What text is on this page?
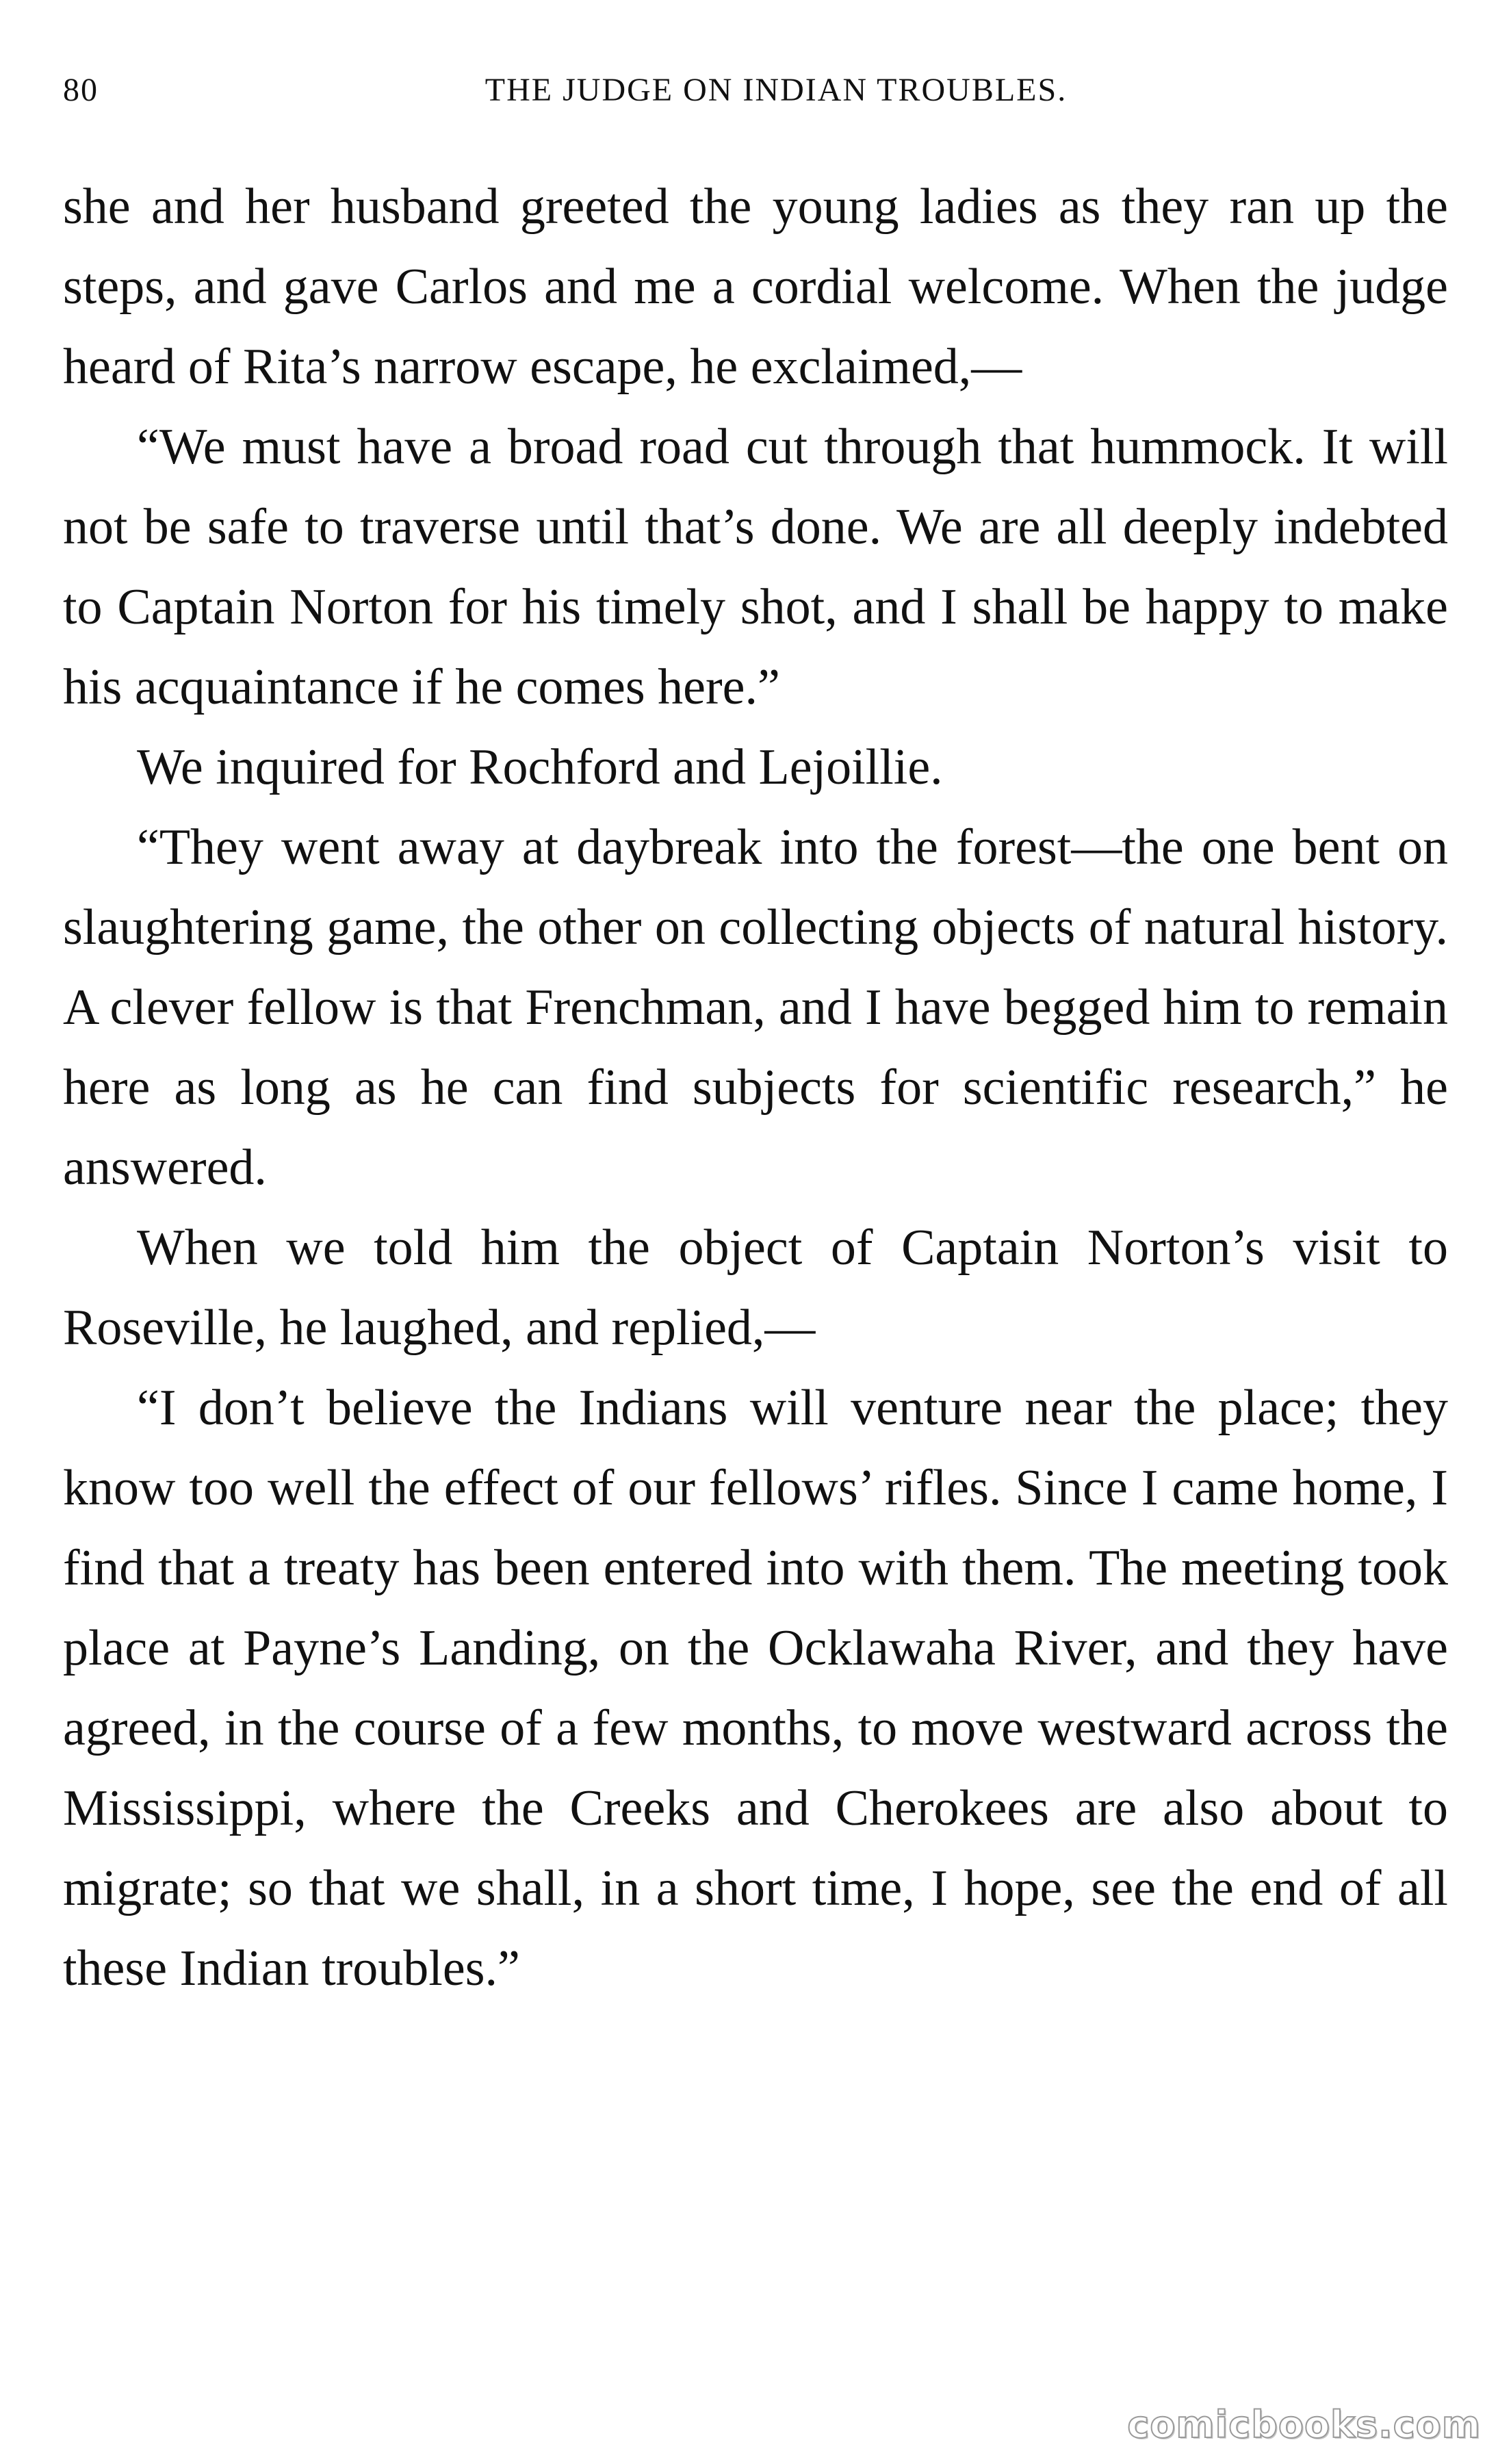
80	THE JUDGE ON INDIAN TROUBLES.

she and her husband greeted the young ladies as they ran up the steps, and gave Carlos and me a cordial welcome. When the judge heard of Rita’s narrow escape, he exclaimed,—

“We must have a broad road cut through that hummock. It will not be safe to traverse until that’s done. We are all deeply indebted to Captain Norton for his timely shot, and I shall be happy to make his acquaintance if he comes here.”

We inquired for Rochford and Lejoillie.

“They went away at daybreak into the forest—the one bent on slaughtering game, the other on collecting objects of natural history. A clever fellow is that Frenchman, and I have begged him to remain here as long as he can find subjects for scientific research,” he answered.

When we told him the object of Captain Norton’s visit to Roseville, he laughed, and replied,—

“I don’t believe the Indians will venture near the place; they know too well the effect of our fellows’ rifles. Since I came home, I find that a treaty has been entered into with them. The meeting took place at Payne’s Landing, on the Ocklawaha River, and they have agreed, in the course of a few months, to move westward across the Mississippi, where the Creeks and Cherokees are also about to migrate; so that we shall, in a short time, I hope, see the end of all these Indian troubles.”

comicbooks.com
